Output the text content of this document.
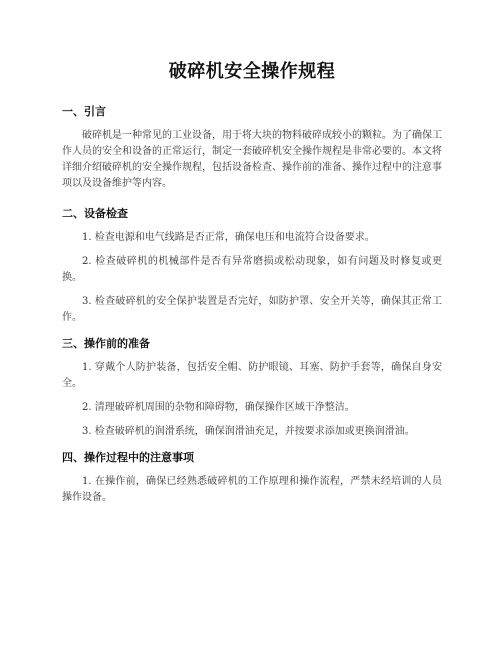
破碎机安全操作规程
一、引言

破碎机是一种常见的工业设备，用于将大块的物料破碎成较小的颗粒。为了确保工作人员的安全和设备的正常运行，制定一套破碎机安全操作规程是非常必要的。本文将详细介绍破碎机的安全操作规程，包括设备检查、操作前的准备、操作过程中的注意事项以及设备维护等内容。

二、设备检查

1. 检查电源和电气线路是否正常，确保电压和电流符合设备要求。

2. 检查破碎机的机械部件是否有异常磨损或松动现象，如有问题及时修复或更换。

3. 检查破碎机的安全保护装置是否完好，如防护罩、安全开关等，确保其正常工作。

三、操作前的准备

1. 穿戴个人防护装备，包括安全帽、防护眼镜、耳塞、防护手套等，确保自身安全。

2. 清理破碎机周围的杂物和障碍物，确保操作区域干净整洁。

3. 检查破碎机的润滑系统，确保润滑油充足，并按要求添加或更换润滑油。

四、操作过程中的注意事项

1. 在操作前，确保已经熟悉破碎机的工作原理和操作流程，严禁未经培训的人员操作设备。
